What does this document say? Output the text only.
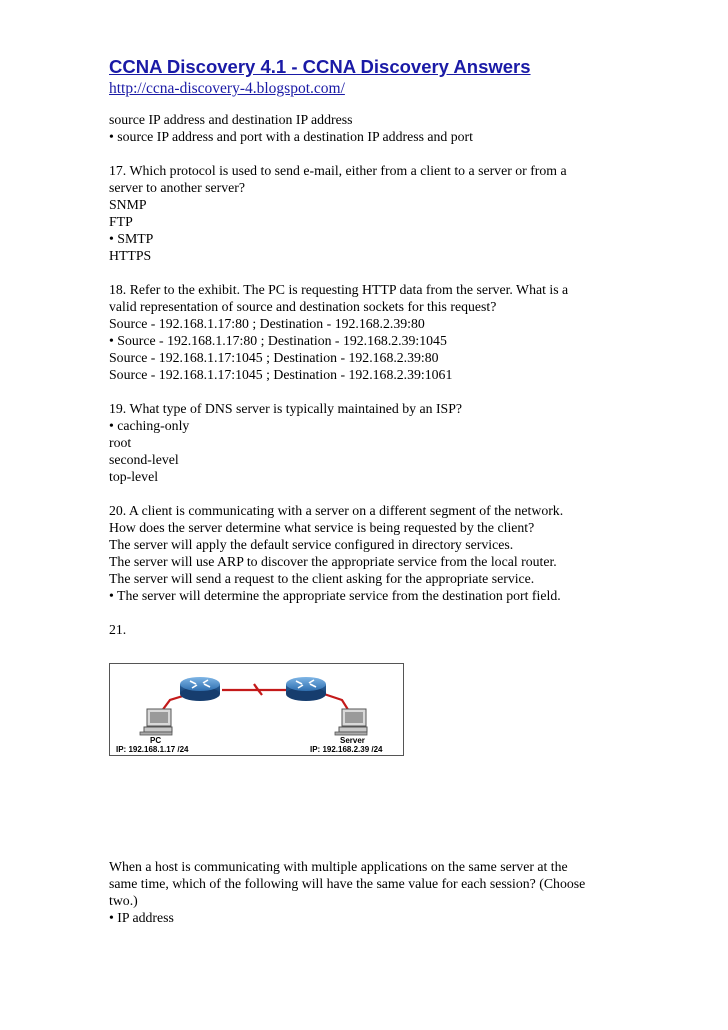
CCNA Discovery 4.1 - CCNA Discovery Answers
http://ccna-discovery-4.blogspot.com/
source IP address and destination IP address
• source IP address and port with a destination IP address and port
17. Which protocol is used to send e-mail, either from a client to a server or from a
server to another server?
SNMP
FTP
• SMTP
HTTPS
18. Refer to the exhibit. The PC is requesting HTTP data from the server. What is a
valid representation of source and destination sockets for this request?
Source - 192.168.1.17:80 ; Destination - 192.168.2.39:80
• Source - 192.168.1.17:80 ; Destination - 192.168.2.39:1045
Source - 192.168.1.17:1045 ; Destination - 192.168.2.39:80
Source - 192.168.1.17:1045 ; Destination - 192.168.2.39:1061
19. What type of DNS server is typically maintained by an ISP?
• caching-only
root
second-level
top-level
20. A client is communicating with a server on a different segment of the network.
How does the server determine what service is being requested by the client?
The server will apply the default service configured in directory services.
The server will use ARP to discover the appropriate service from the local router.
The server will send a request to the client asking for the appropriate service.
• The server will determine the appropriate service from the destination port field.
21.
When a host is communicating with multiple applications on the same server at the
same time, which of the following will have the same value for each session? (Choose
two.)
• IP address
PC
IP: 192.168.1.17 /24
Server
IP: 192.168.2.39 /24
